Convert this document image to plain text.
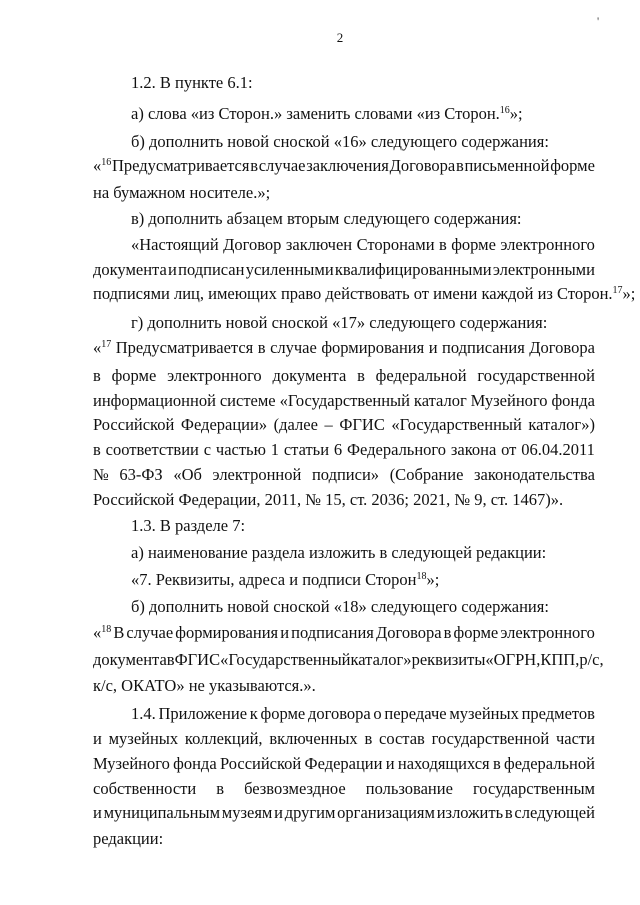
'
2
1.2. В пункте 6.1:
а) слова «из Сторон.» заменить словами «из Сторон.$^{16}$»;
б) дополнить новой сноской «16» следующего содержания:
«$^{16}$ Предусматривается в случае заключения Договора в письменной форме
на бумажном носителе.»;
в) дополнить абзацем вторым следующего содержания:
«Настоящий Договор заключен Сторонами в форме электронного
документа и подписан усиленными квалифицированными электронными
подписями лиц, имеющих право действовать от имени каждой из Сторон.$^{17}$»;
г) дополнить новой сноской «17» следующего содержания:
«$^{17}$ Предусматривается в случае формирования и подписания Договора
в форме электронного документа в федеральной государственной
информационной системе «Государственный каталог Музейного фонда
Российской Федерации» (далее – ФГИС «Государственный каталог»)
в соответствии с частью 1 статьи 6 Федерального закона от 06.04.2011
№ 63-ФЗ «Об электронной подписи» (Собрание законодательства
Российской Федерации, 2011, № 15, ст. 2036; 2021, № 9, ст. 1467)».
1.3. В разделе 7:
а) наименование раздела изложить в следующей редакции:
«7. Реквизиты, адреса и подписи Сторон$^{18}$»;
б) дополнить новой сноской «18» следующего содержания:
«$^{18}$ В случае формирования и подписания Договора в форме электронного
документа в ФГИС «Государственный каталог» реквизиты «ОГРН, КПП, р/с,
к/с, ОКАТО» не указываются.».
1.4. Приложение к форме договора о передаче музейных предметов
и музейных коллекций, включенных в состав государственной части
Музейного фонда Российской Федерации и находящихся в федеральной
собственности в безвозмездное пользование государственным
и муниципальным музеям и другим организациям изложить в следующей
редакции:
